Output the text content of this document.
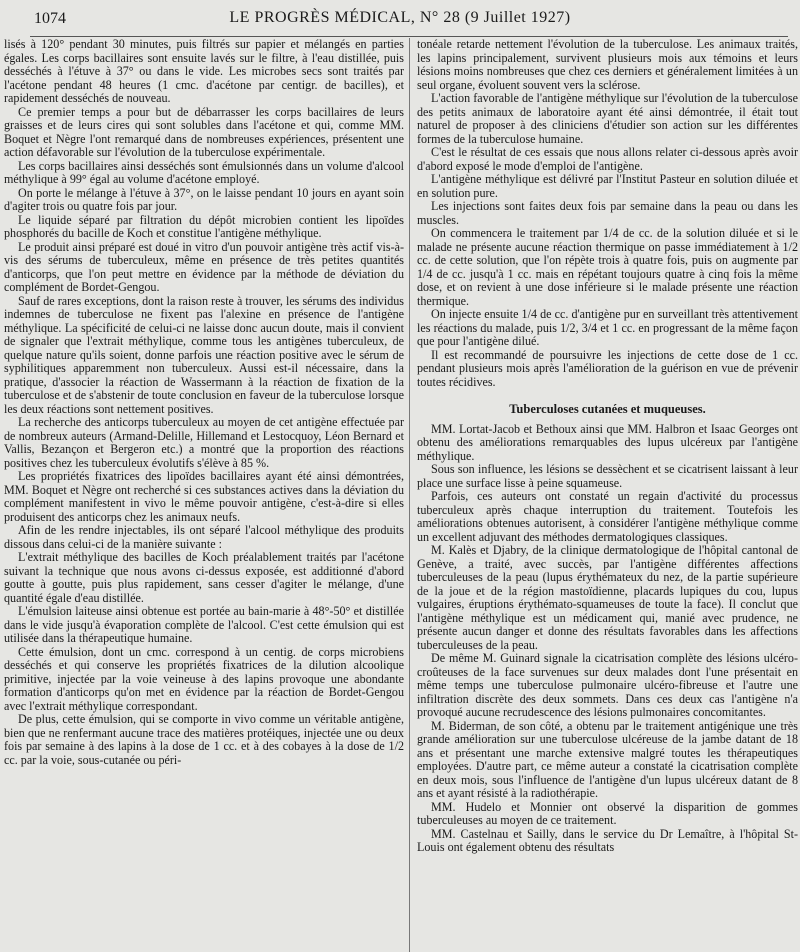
1074	LE PROGRÈS MÉDICAL, N° 28 (9 Juillet 1927)

lisés à 120° pendant 30 minutes, puis filtrés sur papier et mélangés en parties égales. Les corps bacillaires sont ensuite lavés sur le filtre, à l'eau distillée, puis desséchés à l'étuve à 37° ou dans le vide. Les microbes secs sont traités par l'acétone pendant 48 heures (1 cmc. d'acétone par centigr. de bacilles), et rapidement desséchés de nouveau.

Ce premier temps a pour but de débarrasser les corps bacillaires de leurs graisses et de leurs cires qui sont solubles dans l'acétone et qui, comme MM. Boquet et Nègre l'ont remarqué dans de nombreuses expériences, présentent une action défavorable sur l'évolution de la tuberculose expérimentale.

Les corps bacillaires ainsi desséchés sont émulsionnés dans un volume d'alcool méthylique à 99° égal au volume d'acétone employé.

On porte le mélange à l'étuve à 37°, on le laisse pendant 10 jours en ayant soin d'agiter trois ou quatre fois par jour.

Le liquide séparé par filtration du dépôt microbien contient les lipoïdes phosphorés du bacille de Koch et constitue l'antigène méthylique.

Le produit ainsi préparé est doué in vitro d'un pouvoir antigène très actif vis-à-vis des sérums de tuberculeux, même en présence de très petites quantités d'anticorps, que l'on peut mettre en évidence par la méthode de déviation du complément de Bordet-Gengou.

Sauf de rares exceptions, dont la raison reste à trouver, les sérums des individus indemnes de tuberculose ne fixent pas l'alexine en présence de l'antigène méthylique. La spécificité de celui-ci ne laisse donc aucun doute, mais il convient de signaler que l'extrait méthylique, comme tous les antigènes tuberculeux, de quelque nature qu'ils soient, donne parfois une réaction positive avec le sérum de syphilitiques apparemment non tuberculeux. Aussi est-il nécessaire, dans la pratique, d'associer la réaction de Wassermann à la réaction de fixation de la tuberculose et de s'abstenir de toute conclusion en faveur de la tuberculose lorsque les deux réactions sont nettement positives.

La recherche des anticorps tuberculeux au moyen de cet antigène effectuée par de nombreux auteurs (Armand-Delille, Hillemand et Lestocquoy, Léon Bernard et Vallis, Bezançon et Bergeron etc.) a montré que la proportion des réactions positives chez les tuberculeux évolutifs s'élève à 85 %.

Les propriétés fixatrices des lipoïdes bacillaires ayant été ainsi démontrées, MM. Boquet et Nègre ont recherché si ces substances actives dans la déviation du complément manifestent in vivo le même pouvoir antigène, c'est-à-dire si elles produisent des anticorps chez les animaux neufs.

Afin de les rendre injectables, ils ont séparé l'alcool méthylique des produits dissous dans celui-ci de la manière suivante :

L'extrait méthylique des bacilles de Koch préalablement traités par l'acétone suivant la technique que nous avons ci-dessus exposée, est additionné d'abord goutte à goutte, puis plus rapidement, sans cesser d'agiter le mélange, d'une quantité égale d'eau distillée.

L'émulsion laiteuse ainsi obtenue est portée au bain-marie à 48°-50° et distillée dans le vide jusqu'à évaporation complète de l'alcool. C'est cette émulsion qui est utilisée dans la thérapeutique humaine.

Cette émulsion, dont un cmc. correspond à un centig. de corps microbiens desséchés et qui conserve les propriétés fixatrices de la dilution alcoolique primitive, injectée par la voie veineuse à des lapins provoque une abondante formation d'anticorps qu'on met en évidence par la réaction de Bordet-Gengou avec l'extrait méthylique correspondant.

De plus, cette émulsion, qui se comporte in vivo comme un véritable antigène, bien que ne renfermant aucune trace des matières protéiques, injectée une ou deux fois par semaine à des lapins à la dose de 1 cc. et à des cobayes à la dose de 1/2 cc. par la voie, sous-cutanée ou péri-

tonéale retarde nettement l'évolution de la tuberculose. Les animaux traités, les lapins principalement, survivent plusieurs mois aux témoins et leurs lésions moins nombreuses que chez ces derniers et généralement limitées à un seul organe, évoluent souvent vers la sclérose.

L'action favorable de l'antigène méthylique sur l'évolution de la tuberculose des petits animaux de laboratoire ayant été ainsi démontrée, il était tout naturel de proposer à des cliniciens d'étudier son action sur les différentes formes de la tuberculose humaine.

C'est le résultat de ces essais que nous allons relater ci-dessous après avoir d'abord exposé le mode d'emploi de l'antigène.

L'antigène méthylique est délivré par l'Institut Pasteur en solution diluée et en solution pure.

Les injections sont faites deux fois par semaine dans la peau ou dans les muscles.

On commencera le traitement par 1/4 de cc. de la solution diluée et si le malade ne présente aucune réaction thermique on passe immédiatement à 1/2 cc. de cette solution, que l'on répète trois à quatre fois, puis on augmente par 1/4 de cc. jusqu'à 1 cc. mais en répétant toujours quatre à cinq fois la même dose, et on revient à une dose inférieure si le malade présente une réaction thermique.

On injecte ensuite 1/4 de cc. d'antigène pur en surveillant très attentivement les réactions du malade, puis 1/2, 3/4 et 1 cc. en progressant de la même façon que pour l'antigène dilué.

Il est recommandé de poursuivre les injections de cette dose de 1 cc. pendant plusieurs mois après l'amélioration de la guérison en vue de prévenir toutes récidives.

Tuberculoses cutanées et muqueuses.

MM. Lortat-Jacob et Bethoux ainsi que MM. Halbron et Isaac Georges ont obtenu des améliorations remarquables des lupus ulcéreux par l'antigène méthylique.

Sous son influence, les lésions se dessèchent et se cicatrisent laissant à leur place une surface lisse à peine squameuse.

Parfois, ces auteurs ont constaté un regain d'activité du processus tuberculeux après chaque interruption du traitement. Toutefois les améliorations obtenues autorisent, à considérer l'antigène méthylique comme un excellent adjuvant des méthodes dermatologiques classiques.

M. Kalès et Djabry, de la clinique dermatologique de l'hôpital cantonal de Genève, a traité, avec succès, par l'antigène différentes affections tuberculeuses de la peau (lupus érythémateux du nez, de la partie supérieure de la joue et de la région mastoïdienne, placards lupiques du cou, lupus vulgaires, éruptions érythémato-squameuses de toute la face). Il conclut que l'antigène méthylique est un médicament qui, manié avec prudence, ne présente aucun danger et donne des résultats favorables dans les affections tuberculeuses de la peau.

De même M. Guinard signale la cicatrisation complète des lésions ulcéro-croûteuses de la face survenues sur deux malades dont l'une présentait en même temps une tuberculose pulmonaire ulcéro-fibreuse et l'autre une infiltration discrète des deux sommets. Dans ces deux cas l'antigène n'a provoqué aucune recrudescence des lésions pulmonaires concomitantes.

M. Biderman, de son côté, a obtenu par le traitement antigénique une très grande amélioration sur une tuberculose ulcéreuse de la jambe datant de 18 ans et présentant une marche extensive malgré toutes les thérapeutiques employées. D'autre part, ce même auteur a constaté la cicatrisation complète en deux mois, sous l'influence de l'antigène d'un lupus ulcéreux datant de 8 ans et ayant résisté à la radiothérapie.

MM. Hudelo et Monnier ont observé la disparition de gommes tuberculeuses au moyen de ce traitement.

MM. Castelnau et Sailly, dans le service du Dr Lemaître, à l'hôpital St-Louis ont également obtenu des résultats
